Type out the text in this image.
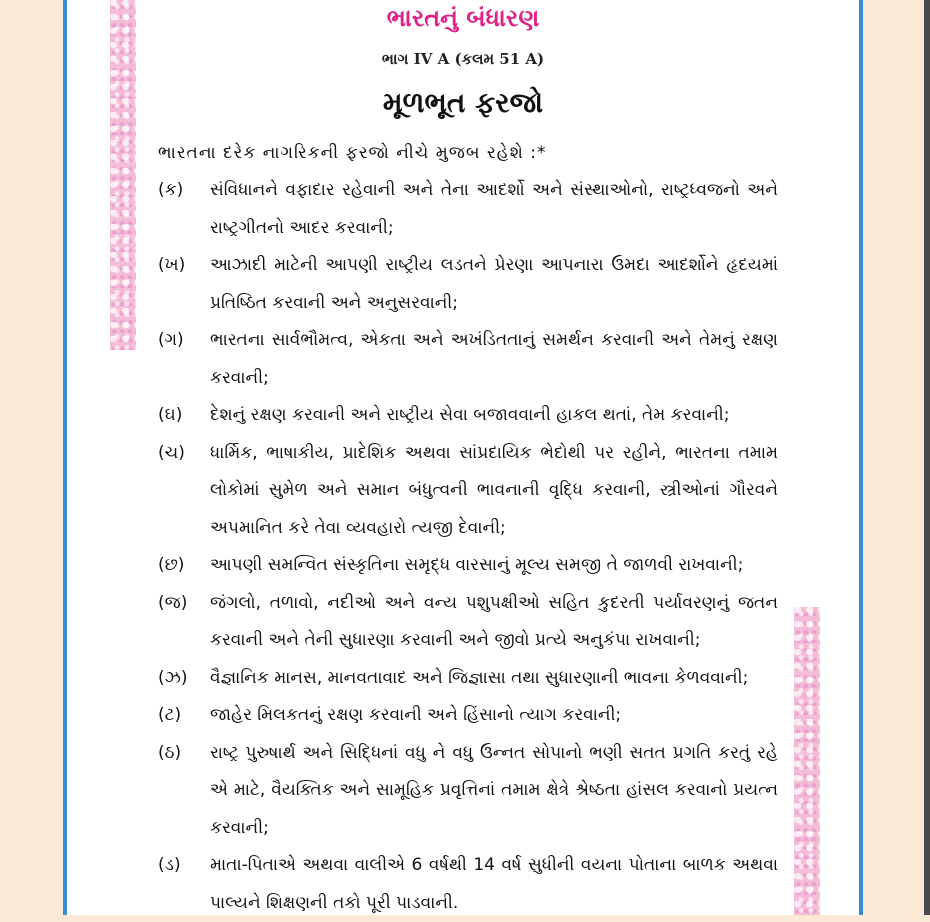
ભારતનું બંધારણ
ભાગ IV A (કલમ 51 A)
મૂળભૂત ફરજો
ભારતના દરેક નાગરિકની ફરજો નીચે મુજબ રહેશે :*
(ક)	સંવિધાનને વફાદાર રહેવાની અને તેના આદર્શો અને સંસ્થાઓનો, રાષ્ટ્રધ્વજનો અને રાષ્ટ્રગીતનો આદર કરવાની;
(ખ)	આઝાદી માટેની આપણી રાષ્ટ્રીય લડતને પ્રેરણા આપનારા ઉમદા આદર્શોને હૃદયમાં પ્રતિષ્ઠિત કરવાની અને અનુસરવાની;
(ગ)	ભારતના સાર્વભૌમત્વ, એકતા અને અખંડિતતાનું સમર્થન કરવાની અને તેમનું રક્ષણ કરવાની;
(ઘ)	દેશનું રક્ષણ કરવાની અને રાષ્ટ્રીય સેવા બજાવવાની હાકલ થતાં, તેમ કરવાની;
(ચ)	ધાર્મિક, ભાષાકીય, પ્રાદેશિક અથવા સાંપ્રદાયિક ભેદોથી પર રહીને, ભારતના તમામ લોકોમાં સુમેળ અને સમાન બંધુત્વની ભાવનાની વૃદ્ધિ કરવાની, સ્ત્રીઓનાં ગૌરવને અપમાનિત કરે તેવા વ્યવહારો ત્યજી દેવાની;
(છ)	આપણી સમન્વિત સંસ્કૃતિના સમૃદ્ધ વારસાનું મૂલ્ય સમજી તે જાળવી રાખવાની;
(જ)	જંગલો, તળાવો, નદીઓ અને વન્ય પશુપક્ષીઓ સહિત કુદરતી પર્યાવરણનું જતન કરવાની અને તેની સુધારણા કરવાની અને જીવો પ્રત્યે અનુકંપા રાખવાની;
(ઝ)	વૈજ્ઞાનિક માનસ, માનવતાવાદ અને જિજ્ઞાસા તથા સુધારણાની ભાવના કેળવવાની;
(ટ)	જાહેર મિલકતનું રક્ષણ કરવાની અને હિંસાનો ત્યાગ કરવાની;
(ઠ)	રાષ્ટ્ર પુરુષાર્થ અને સિદ્ધિનાં વધુ ને વધુ ઉન્નત સોપાનો ભણી સતત પ્રગતિ કરતું રહે એ માટે, વૈયક્તિક અને સામૂહિક પ્રવૃત્તિનાં તમામ ક્ષેત્રે શ્રેષ્ઠતા હાંસલ કરવાનો પ્રયત્ન કરવાની;
(ડ)	માતા-પિતાએ અથવા વાલીએ 6 વર્ષથી 14 વર્ષ સુધીની વયના પોતાના બાળક અથવા પાલ્યને શિક્ષણની તકો પૂરી પાડવાની.
